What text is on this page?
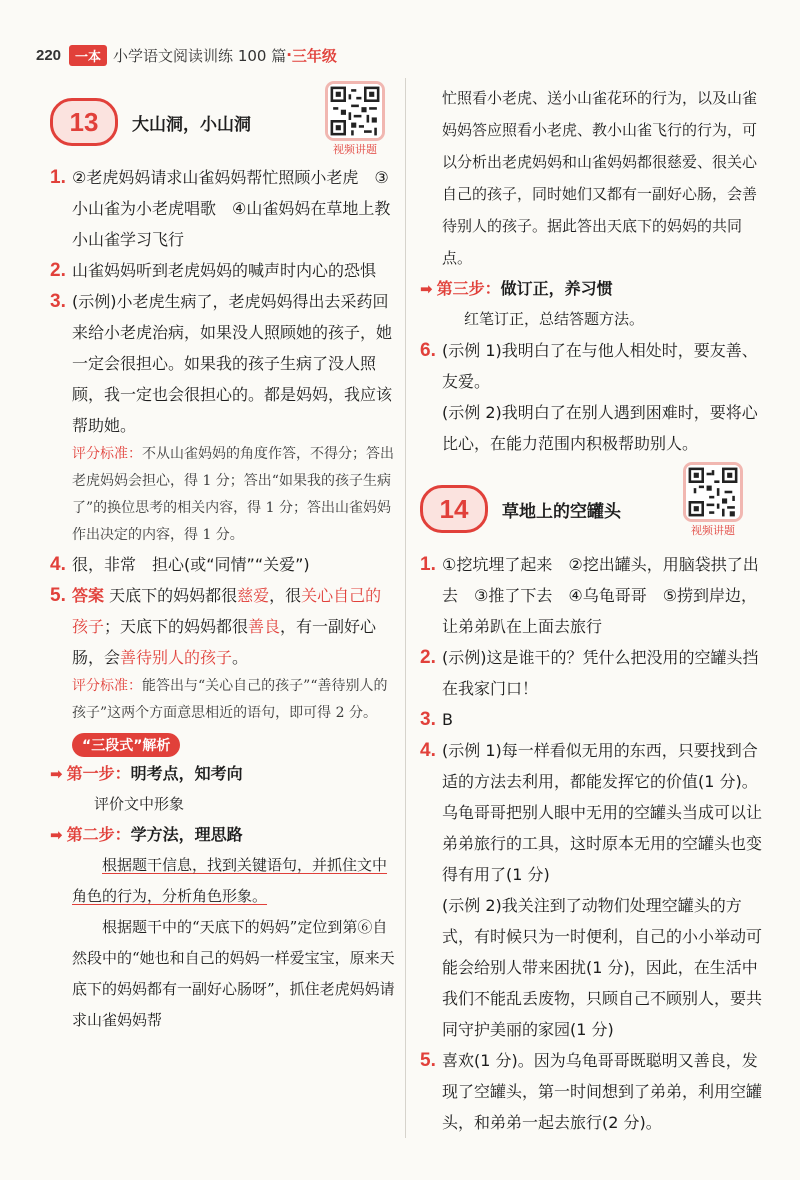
220	一本 小学语文阅读训练 100 篇 · 三年级
13	大山洞，小山洞
视频讲题
1. ②老虎妈妈请求山雀妈妈帮忙照顾小老虎　③小山雀为小老虎唱歌　④山雀妈妈在草地上教小山雀学习飞行
2. 山雀妈妈听到老虎妈妈的喊声时内心的恐惧
3. (示例)小老虎生病了，老虎妈妈得出去采药回来给小老虎治病，如果没人照顾她的孩子，她一定会很担心。如果我的孩子生病了没人照顾，我一定也会很担心的。都是妈妈，我应该帮助她。
评分标准：不从山雀妈妈的角度作答，不得分；答出老虎妈妈会担心，得 1 分；答出“如果我的孩子生病了”的换位思考的相关内容，得 1 分；答出山雀妈妈作出决定的内容，得 1 分。
4. 很，非常　担心(或“同情”“关爱”)
5. 答案 天底下的妈妈都很慈爱，很关心自己的孩子；天底下的妈妈都很善良，有一副好心肠，会善待别人的孩子。
评分标准：能答出与“关心自己的孩子”“善待别人的孩子”这两个方面意思相近的语句，即可得 2 分。
“三段式”解析
➡ 第一步： 明考点，知考向
评价文中形象
➡ 第二步： 学方法，理思路
根据题干信息，找到关键语句，并抓住文中角色的行为，分析角色形象。
根据题干中的“天底下的妈妈”定位到第⑥自然段中的“她也和自己的妈妈一样爱宝宝，原来天底下的妈妈都有一副好心肠呀”，抓住老虎妈妈请求山雀妈妈帮
忙照看小老虎、送小山雀花环的行为，以及山雀妈妈答应照看小老虎、教小山雀飞行的行为，可以分析出老虎妈妈和山雀妈妈都很慈爱、很关心自己的孩子，同时她们又都有一副好心肠，会善待别人的孩子。据此答出天底下的妈妈的共同点。
➡ 第三步： 做订正，养习惯
红笔订正，总结答题方法。
6. (示例 1)我明白了在与他人相处时，要友善、友爱。
(示例 2)我明白了在别人遇到困难时，要将心比心，在能力范围内积极帮助别人。
14	草地上的空罐头
视频讲题
1. ①挖坑埋了起来　②挖出罐头，用脑袋拱了出去　③推了下去　④乌龟哥哥　⑤捞到岸边，让弟弟趴在上面去旅行
2. (示例)这是谁干的？凭什么把没用的空罐头挡在我家门口！
3. B
4. (示例 1)每一样看似无用的东西，只要找到合适的方法去利用，都能发挥它的价值(1 分)。乌龟哥哥把别人眼中无用的空罐头当成可以让弟弟旅行的工具，这时原本无用的空罐头也变得有用了(1 分)
(示例 2)我关注到了动物们处理空罐头的方式，有时候只为一时便利，自己的小小举动可能会给别人带来困扰(1 分)，因此，在生活中我们不能乱丢废物，只顾自己不顾别人，要共同守护美丽的家园(1 分)
5. 喜欢(1 分)。因为乌龟哥哥既聪明又善良，发现了空罐头，第一时间想到了弟弟，利用空罐头，和弟弟一起去旅行(2 分)。
